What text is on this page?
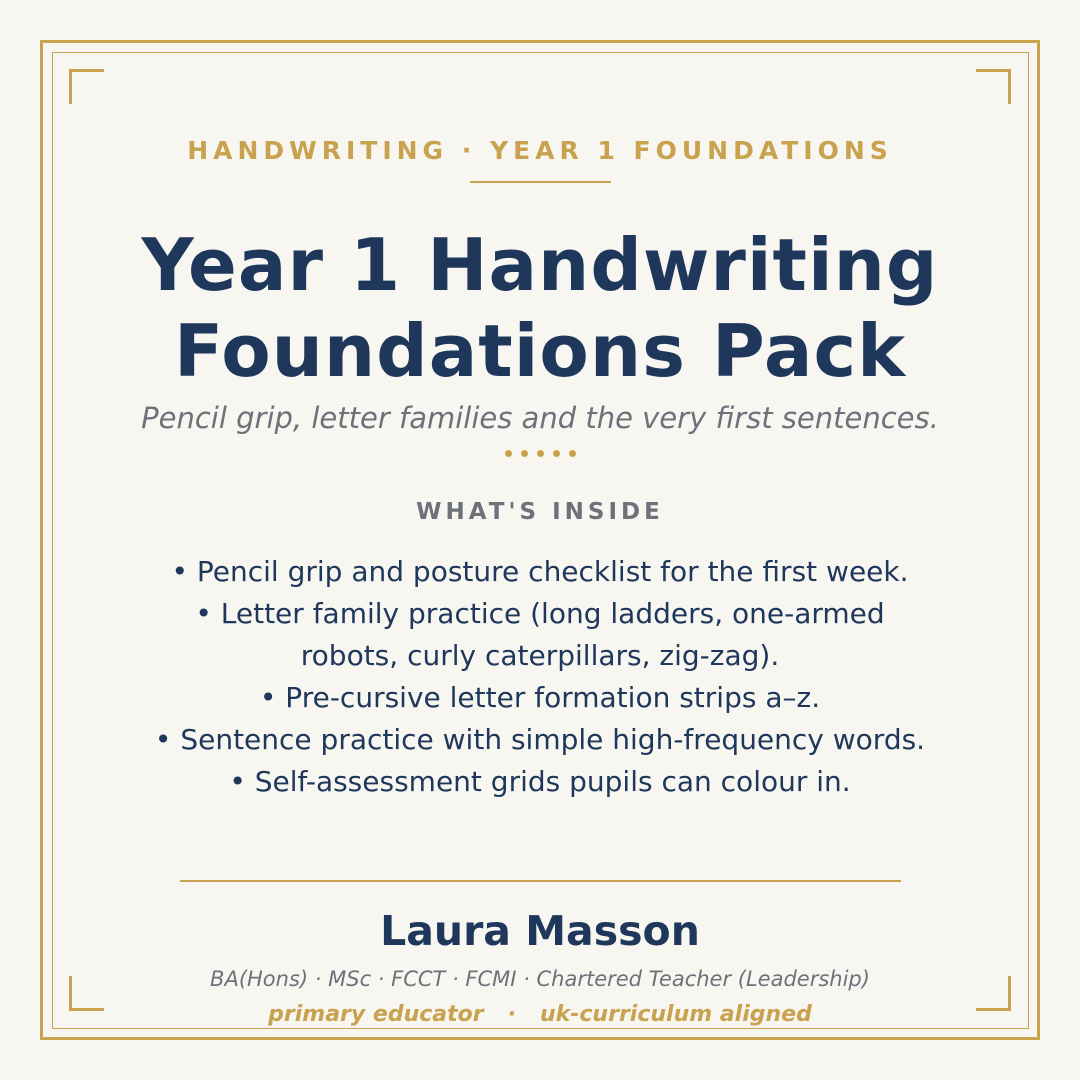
HANDWRITING · YEAR 1 FOUNDATIONS
Year 1 Handwriting
Foundations Pack
Pencil grip, letter families and the very first sentences.
WHAT'S INSIDE
• Pencil grip and posture checklist for the first week.
• Letter family practice (long ladders, one-armed robots, curly caterpillars, zig-zag).
• Pre-cursive letter formation strips a–z.
• Sentence practice with simple high-frequency words.
• Self-assessment grids pupils can colour in.
Laura Masson
BA(Hons) · MSc · FCCT · FCMI · Chartered Teacher (Leadership)
primary educator · uk-curriculum aligned
